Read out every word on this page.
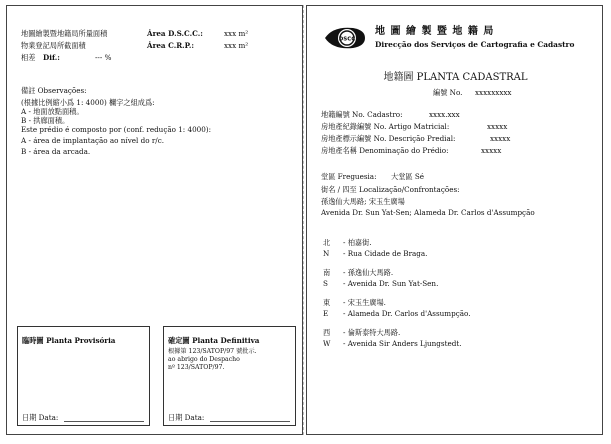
地圖繪製暨地籍局所量面積	Área D.S.C.C.:	xxx m²
物業登記局所截面積	Área C.R.P.:	xxx m²
相差 Dif.:	--- %
備註 Observações:
(根據比例縮小爲 1: 4000) 欄字之組成爲:
A - 地面放點面積。
B - 拱廊面積。
Este prédio é composto por (conf. redução 1: 4000):
A - área de implantação ao nível do r/c.
B - área da arcada.
臨時圖 Planta Provisória
日期 Data:
確定圖 Planta Definitiva
根據第 123/SATOP/97 號批示.
ao abrigo do Despacho
nº 123/SATOP/97.
日期 Data:
DSCC
地 圖 繪 製 暨 地 籍 局
Direcção dos Serviços de Cartografia e Cadastro
地籍圖 PLANTA CADASTRAL
編號 No. xxxxxxxxx
地籍編號 No. Cadastro:	xxxx.xxx
房地產紀錄編號 No. Artigo Matricial:	xxxxx
房地產標示編號 No. Descrição Predial:	xxxxx
房地產名稱 Denominação do Prédio:	xxxxx
堂區 Freguesia: 大堂區 Sé
街名 / 四至 Localização/Confrontações:
孫逸仙大馬路; 宋玉生廣場
Avenida Dr. Sun Yat-Sen; Alameda Dr. Carlos d'Assumpção
北 - 柏嘉街.
N - Rua Cidade de Braga.
南 - 孫逸仙大馬路.
S - Avenida Dr. Sun Yat-Sen.
東 - 宋玉生廣場.
E - Alameda Dr. Carlos d'Assumpção.
西 - 倫斯泰特大馬路.
W - Avenida Sir Anders Ljungstedt.
